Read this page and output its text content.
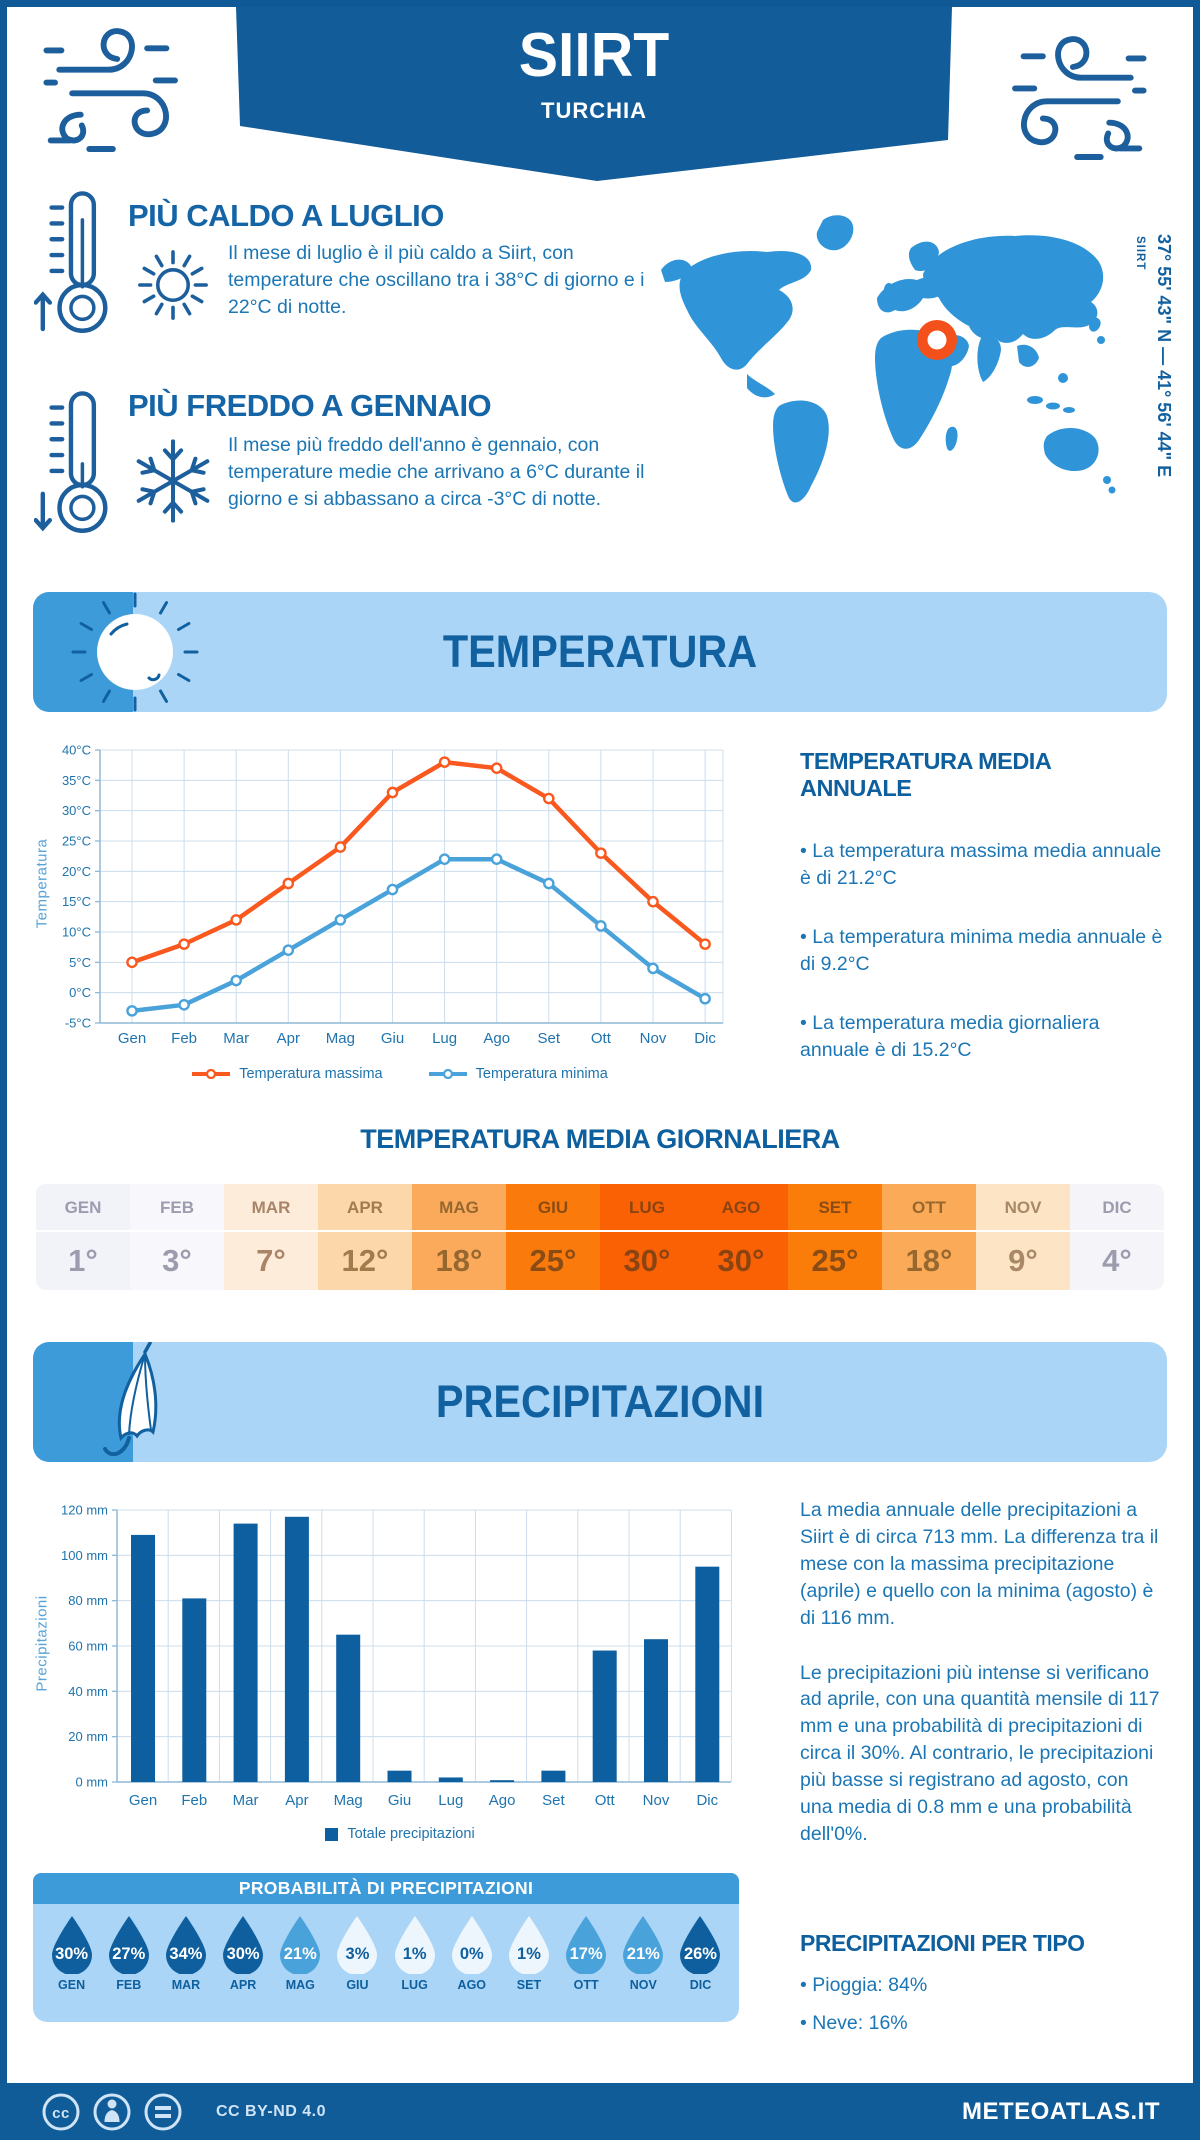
SIIRT
TURCHIA
PIÙ CALDO A LUGLIO
Il mese di luglio è il più caldo a Siirt, con temperature che oscillano tra i 38°C di giorno e i 22°C di notte.
PIÙ FREDDO A GENNAIO
Il mese più freddo dell'anno è gennaio, con temperature medie che arrivano a 6°C durante il giorno e si abbassano a circa -3°C di notte.
37° 55' 43" N — 41° 56' 44" E
SIIRT
TEMPERATURA
Temperatura
40°C
35°C
30°C
25°C
20°C
15°C
10°C
5°C
0°C
-5°C
Gen Feb Mar Apr Mag Giu Lug Ago Set Ott Nov Dic
Temperatura massima	Temperatura minima
TEMPERATURA MEDIA ANNUALE
• La temperatura massima media annuale è di 21.2°C
• La temperatura minima media annuale è di 9.2°C
• La temperatura media giornaliera annuale è di 15.2°C
TEMPERATURA MEDIA GIORNALIERA
GEN
1°
FEB
3°
MAR
7°
APR
12°
MAG
18°
GIU
25°
LUG
30°
AGO
30°
SET
25°
OTT
18°
NOV
9°
DIC
4°
PRECIPITAZIONI
Precipitazioni
0 mm
20 mm
40 mm
60 mm
80 mm
100 mm
120 mm
Gen Feb Mar Apr Mag Giu Lug Ago Set Ott Nov Dic
Totale precipitazioni
La media annuale delle precipitazioni a Siirt è di circa 713 mm. La differenza tra il mese con la massima precipitazione (aprile) e quello con la minima (agosto) è di 116 mm.
Le precipitazioni più intense si verificano ad aprile, con una quantità mensile di 117 mm e una probabilità di precipitazioni di circa il 30%. Al contrario, le precipitazioni più basse si registrano ad agosto, con una media di 0.8 mm e una probabilità dell'0%.
PROBABILITÀ DI PRECIPITAZIONI
30%
GEN
27%
FEB
34%
MAR
30%
APR
21%
MAG
3%
GIU
1%
LUG
0%
AGO
1%
SET
17%
OTT
21%
NOV
26%
DIC
PRECIPITAZIONI PER TIPO
• Pioggia: 84%
• Neve: 16%
cc	CC BY-ND 4.0	METEOATLAS.IT
